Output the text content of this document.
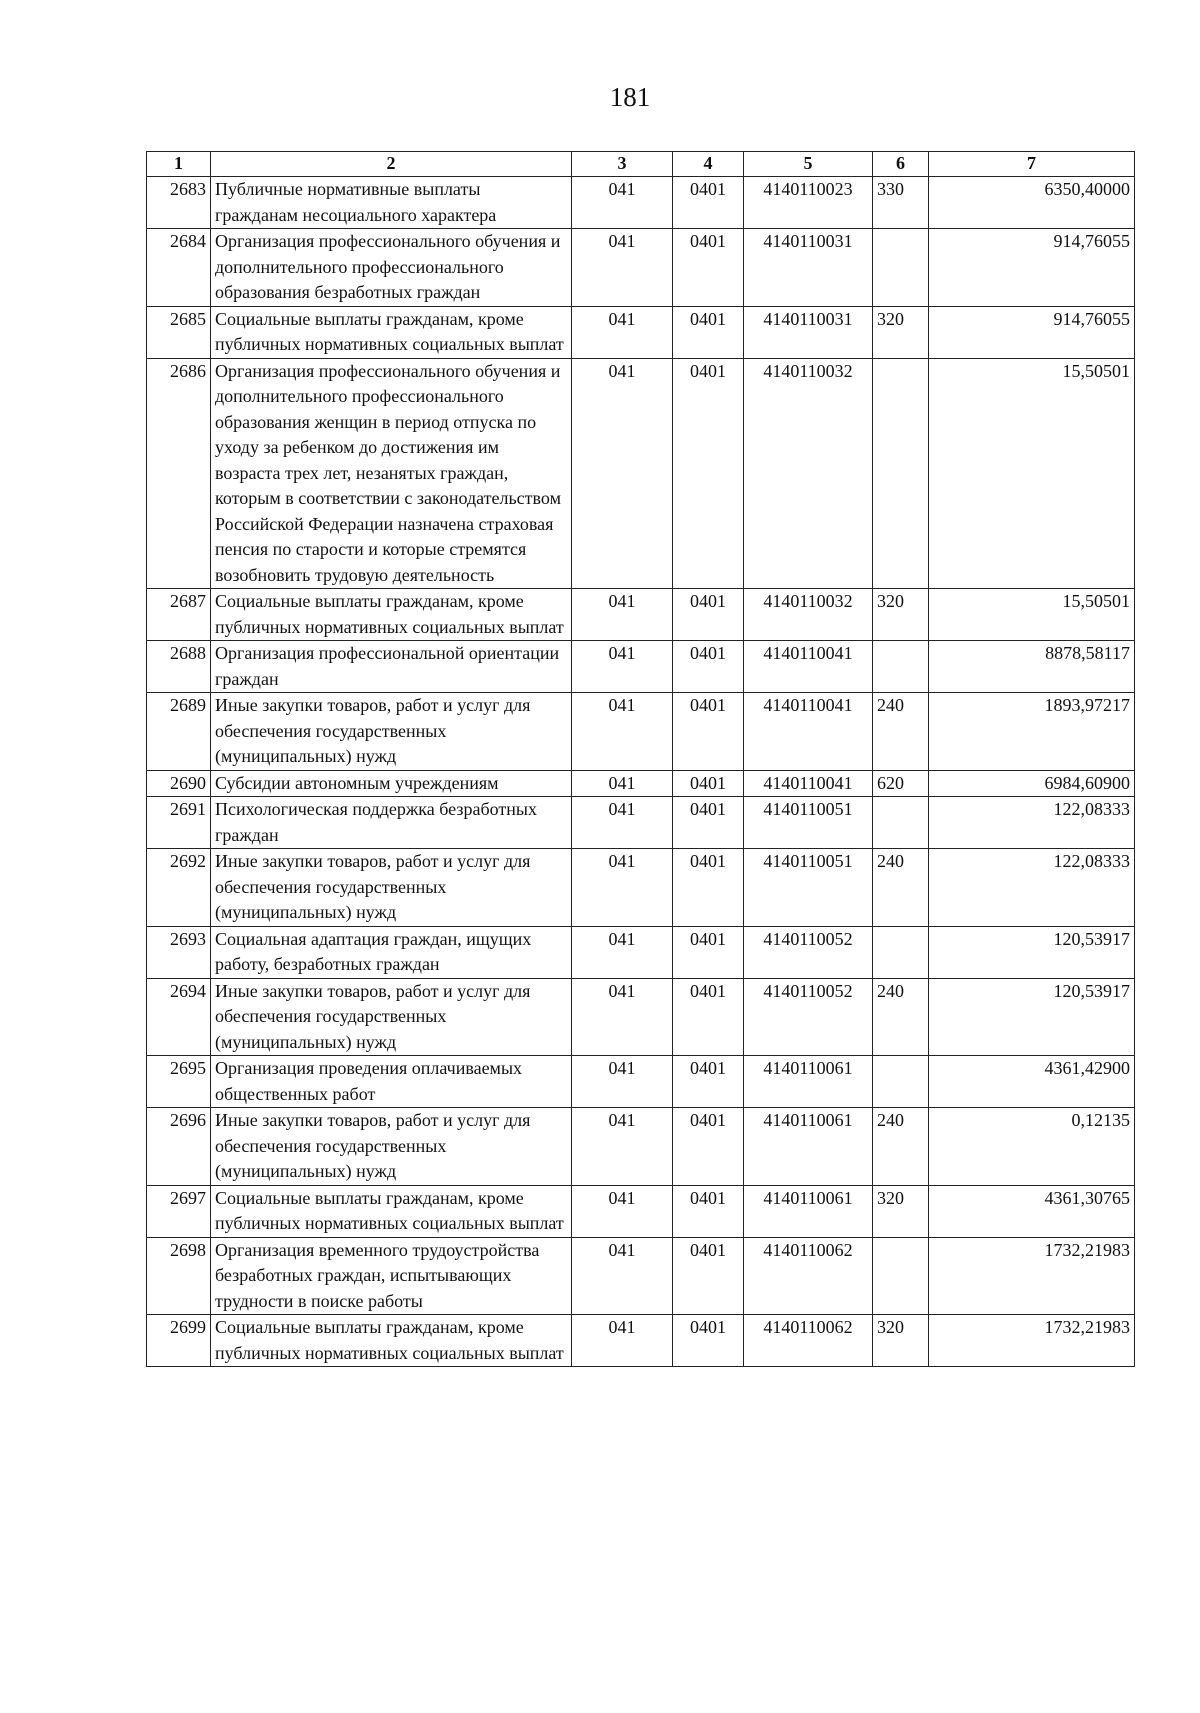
181
1	2	3	4	5	6	7
2683	Публичные нормативные выплаты гражданам несоциального характера	041	0401	4140110023	330	6350,40000
2684	Организация профессионального обучения и дополнительного профессионального образования безработных граждан	041	0401	4140110031		914,76055
2685	Социальные выплаты гражданам, кроме публичных нормативных социальных выплат	041	0401	4140110031	320	914,76055
2686	Организация профессионального обучения и дополнительного профессионального образования женщин в период отпуска по уходу за ребенком до достижения им возраста трех лет, незанятых граждан, которым в соответствии с законодательством Российской Федерации назначена страховая пенсия по старости и которые стремятся возобновить трудовую деятельность	041	0401	4140110032		15,50501
2687	Социальные выплаты гражданам, кроме публичных нормативных социальных выплат	041	0401	4140110032	320	15,50501
2688	Организация профессиональной ориентации граждан	041	0401	4140110041		8878,58117
2689	Иные закупки товаров, работ и услуг для обеспечения государственных (муниципальных) нужд	041	0401	4140110041	240	1893,97217
2690	Субсидии автономным учреждениям	041	0401	4140110041	620	6984,60900
2691	Психологическая поддержка безработных граждан	041	0401	4140110051		122,08333
2692	Иные закупки товаров, работ и услуг для обеспечения государственных (муниципальных) нужд	041	0401	4140110051	240	122,08333
2693	Социальная адаптация граждан, ищущих работу, безработных граждан	041	0401	4140110052		120,53917
2694	Иные закупки товаров, работ и услуг для обеспечения государственных (муниципальных) нужд	041	0401	4140110052	240	120,53917
2695	Организация проведения оплачиваемых общественных работ	041	0401	4140110061		4361,42900
2696	Иные закупки товаров, работ и услуг для обеспечения государственных (муниципальных) нужд	041	0401	4140110061	240	0,12135
2697	Социальные выплаты гражданам, кроме публичных нормативных социальных выплат	041	0401	4140110061	320	4361,30765
2698	Организация временного трудоустройства безработных граждан, испытывающих трудности в поиске работы	041	0401	4140110062		1732,21983
2699	Социальные выплаты гражданам, кроме публичных нормативных социальных выплат	041	0401	4140110062	320	1732,21983
